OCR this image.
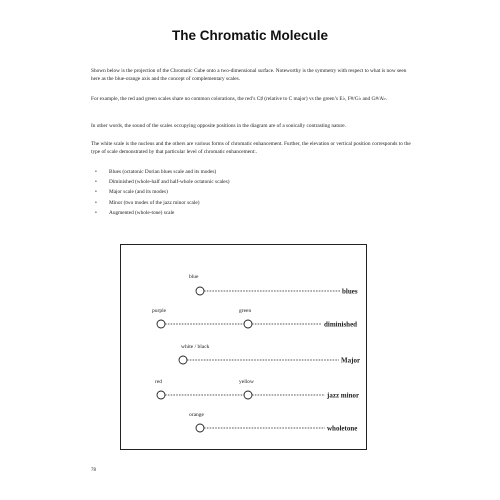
The Chromatic Molecule

Shown below is the projection of the Chromatic Cube onto a two-dimensional surface. Noteworthy is the symmetry with respect to what is now seen here as the blue-orange axis and the concept of complementary scales.

For example, the red and green scales share no common colorations, the red’s C♯ (relative to C major) vs the green’s E♭, F#/G♭ and G#/A♭.

In other words, the sound of the scales occupying opposite positions in the diagram are of a sonically contrasting nature.

The white scale is the nucleus and the others are various forms of chromatic enhancement. Further, the elevation or vertical position corresponds to the type of scale demonstrated by that particular level of chromatic enhancement:.

• Blues (octatonic Dorian blues scale and its modes)
• Diminished (whole-half and half-whole octatonic scales)
• Major scale (and its modes)
• Minor (two modes of the jazz minor scale)
• Augmented (whole-tone) scale
blue
blues
purple	green
diminished
white / black
Major
red	yellow
jazz minor
orange
wholetone
78
